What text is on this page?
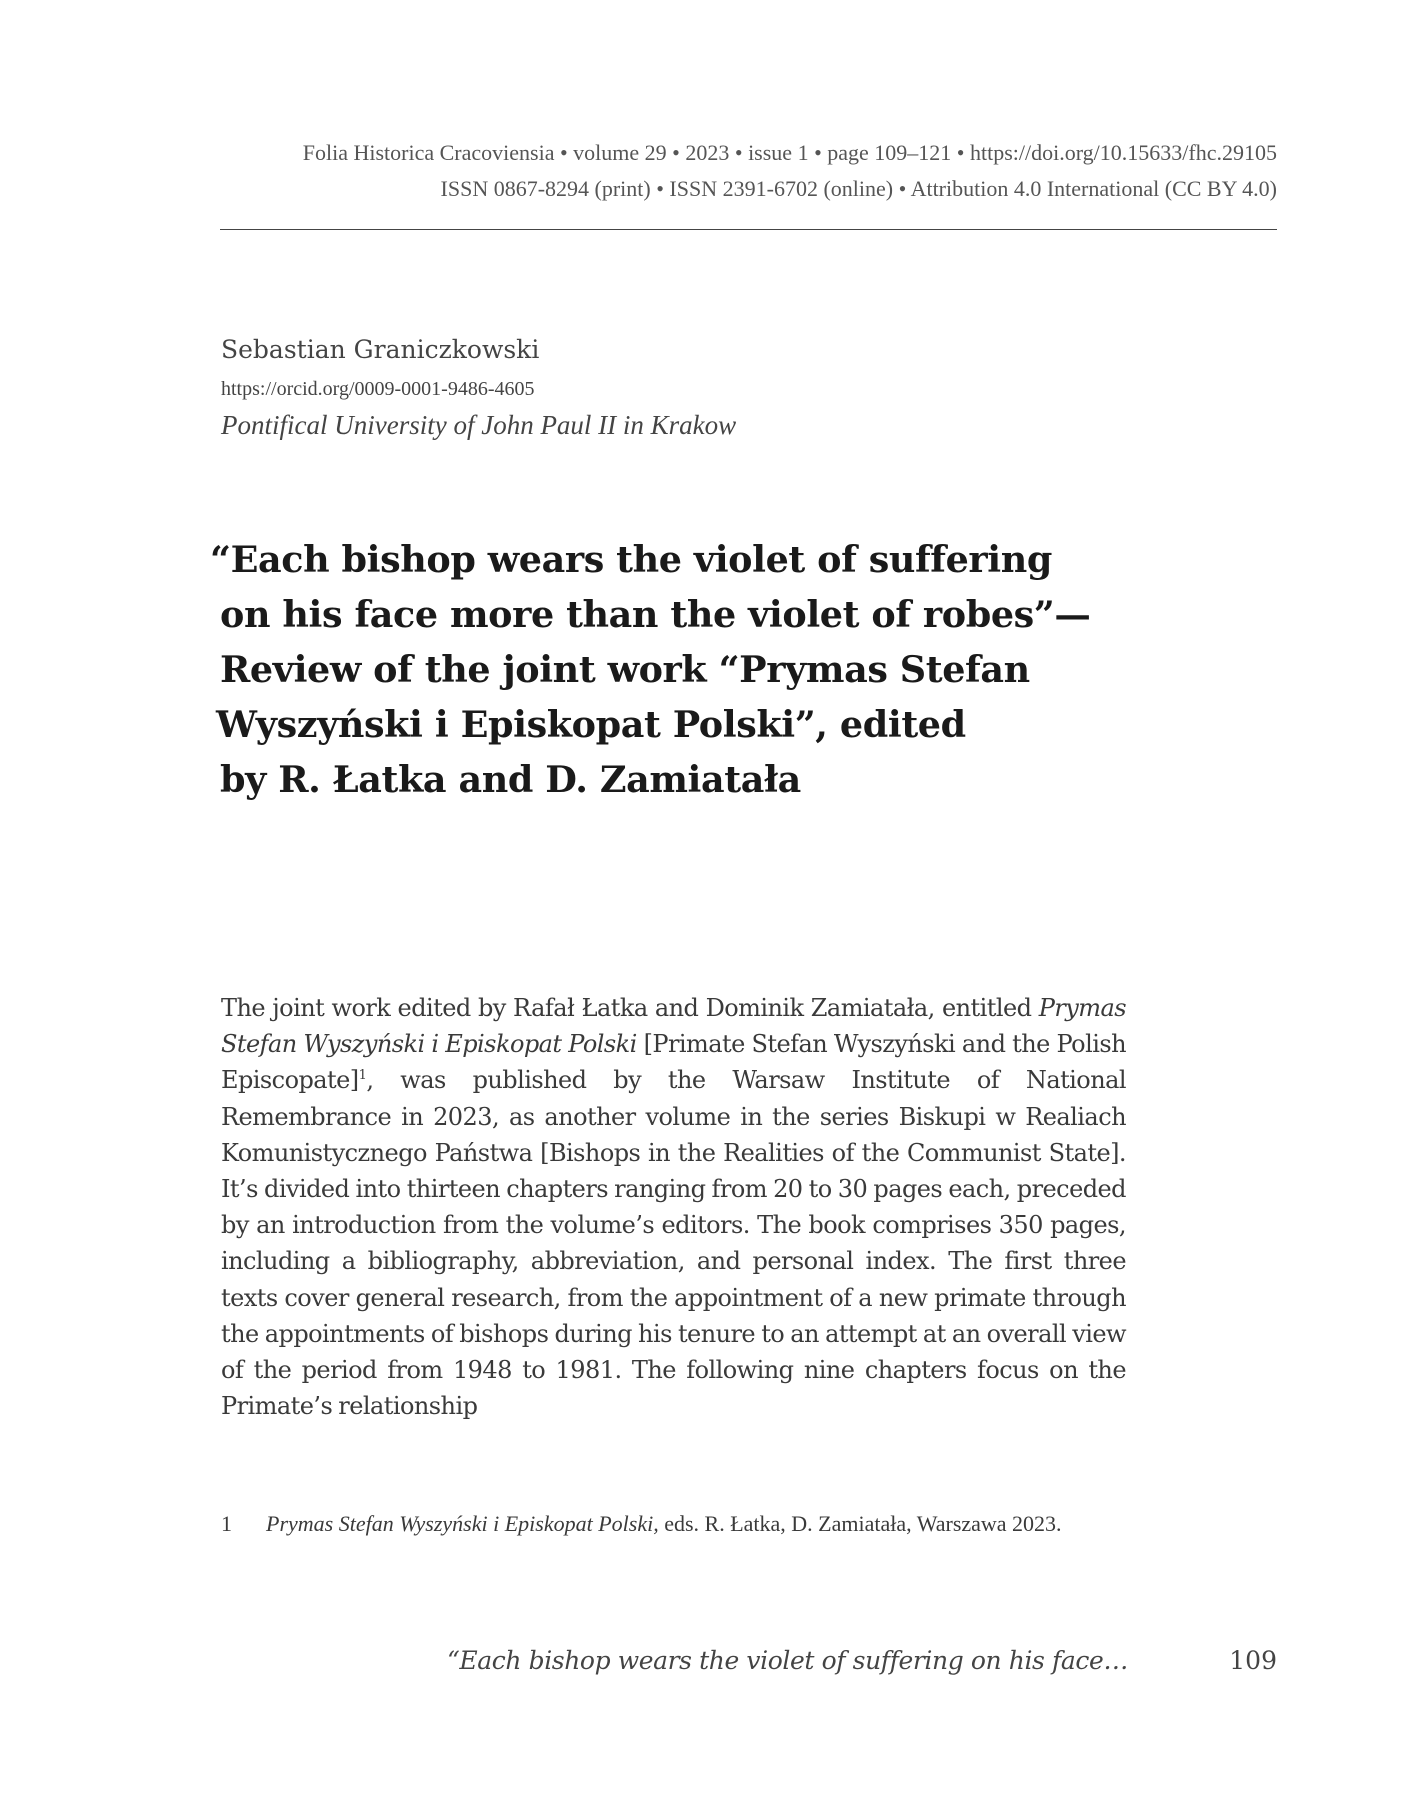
Folia Historica Cracoviensia • volume 29 • 2023 • issue 1 • page 109–121 • https://doi.org/10.15633/fhc.29105
ISSN 0867-8294 (print) • ISSN 2391-6702 (online) • Attribution 4.0 International (CC BY 4.0)
Sebastian Graniczkowski
https://orcid.org/0009-0001-9486-4605
Pontifical University of John Paul II in Krakow
“Each bishop wears the violet of suffering
on his face more than the violet of robes”—
Review of the joint work “Prymas Stefan
Wyszyński i Episkopat Polski”, edited
by R. Łatka and D. Zamiatała
The joint work edited by Rafał Łatka and Dominik Zamiatała, entitled Prymas Stefan Wyszyński i Episkopat Polski [Primate Stefan Wyszyński and the Polish Episcopate]$^1$, was published by the Warsaw Institute of National Remembrance in 2023, as another volume in the series Biskupi w Realiach Komunistycznego Państwa [Bishops in the Realities of the Communist State]. It’s divided into thirteen chapters ranging from 20 to 30 pages each, preceded by an introduction from the volume’s editors. The book comprises 350 pages, including a bibliography, abbreviation, and personal index. The first three texts cover general research, from the appointment of a new primate through the appointments of bishops during his tenure to an attempt at an overall view of the period from 1948 to 1981. The following nine chapters focus on the Primate’s relationship
1 Prymas Stefan Wyszyński i Episkopat Polski, eds. R. Łatka, D. Zamiatała, Warszawa 2023.
“Each bishop wears the violet of suffering on his face…	109
